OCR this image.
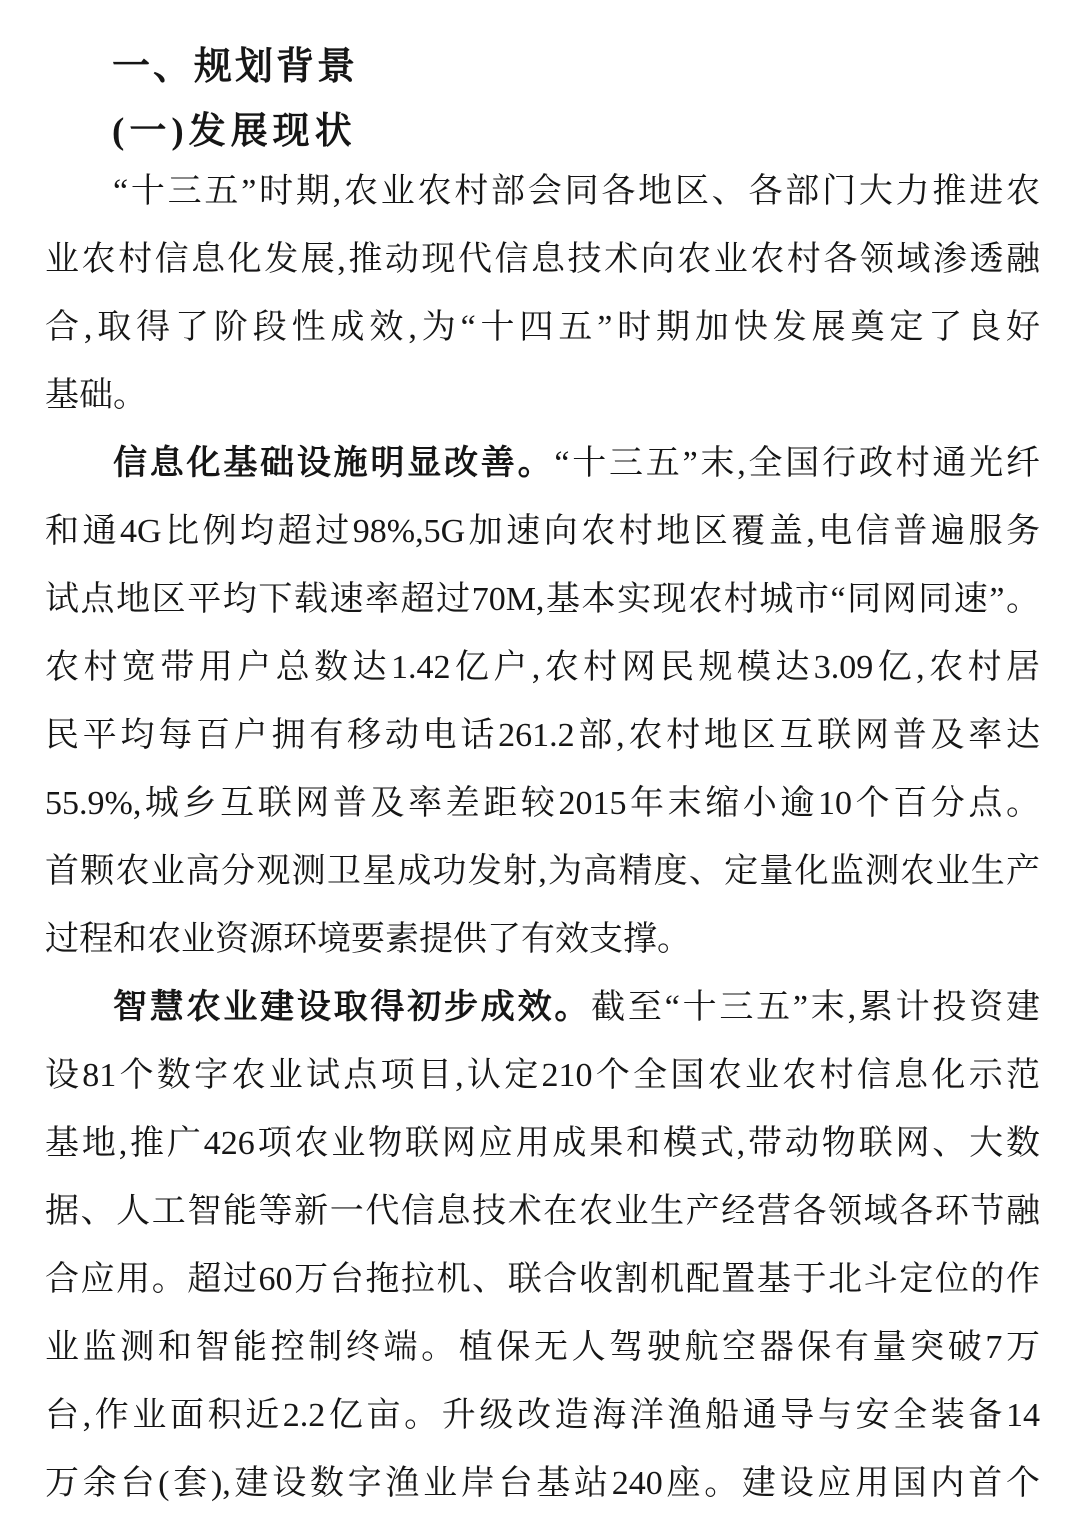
一、规划背景
(一)发展现状
“十三五”时期,农业农村部会同各地区、各部门大力推进农
业农村信息化发展,推动现代信息技术向农业农村各领域渗透融
合,取得了阶段性成效,为“十四五”时期加快发展奠定了良好
基础。
信息化基础设施明显改善。“十三五”末,全国行政村通光纤
和通4G比例均超过98%,5G加速向农村地区覆盖,电信普遍服务
试点地区平均下载速率超过70M,基本实现农村城市“同网同速”。
农村宽带用户总数达1.42亿户,农村网民规模达3.09亿,农村居
民平均每百户拥有移动电话261.2部,农村地区互联网普及率达
55.9%,城乡互联网普及率差距较2015年末缩小逾10个百分点。
首颗农业高分观测卫星成功发射,为高精度、定量化监测农业生产
过程和农业资源环境要素提供了有效支撑。
智慧农业建设取得初步成效。截至“十三五”末,累计投资建
设81个数字农业试点项目,认定210个全国农业农村信息化示范
基地,推广426项农业物联网应用成果和模式,带动物联网、大数
据、人工智能等新一代信息技术在农业生产经营各领域各环节融
合应用。超过60万台拖拉机、联合收割机配置基于北斗定位的作
业监测和智能控制终端。植保无人驾驶航空器保有量突破7万
台,作业面积近2.2亿亩。升级改造海洋渔船通导与安全装备14
万余台(套),建设数字渔业岸台基站240座。建设应用国内首个
